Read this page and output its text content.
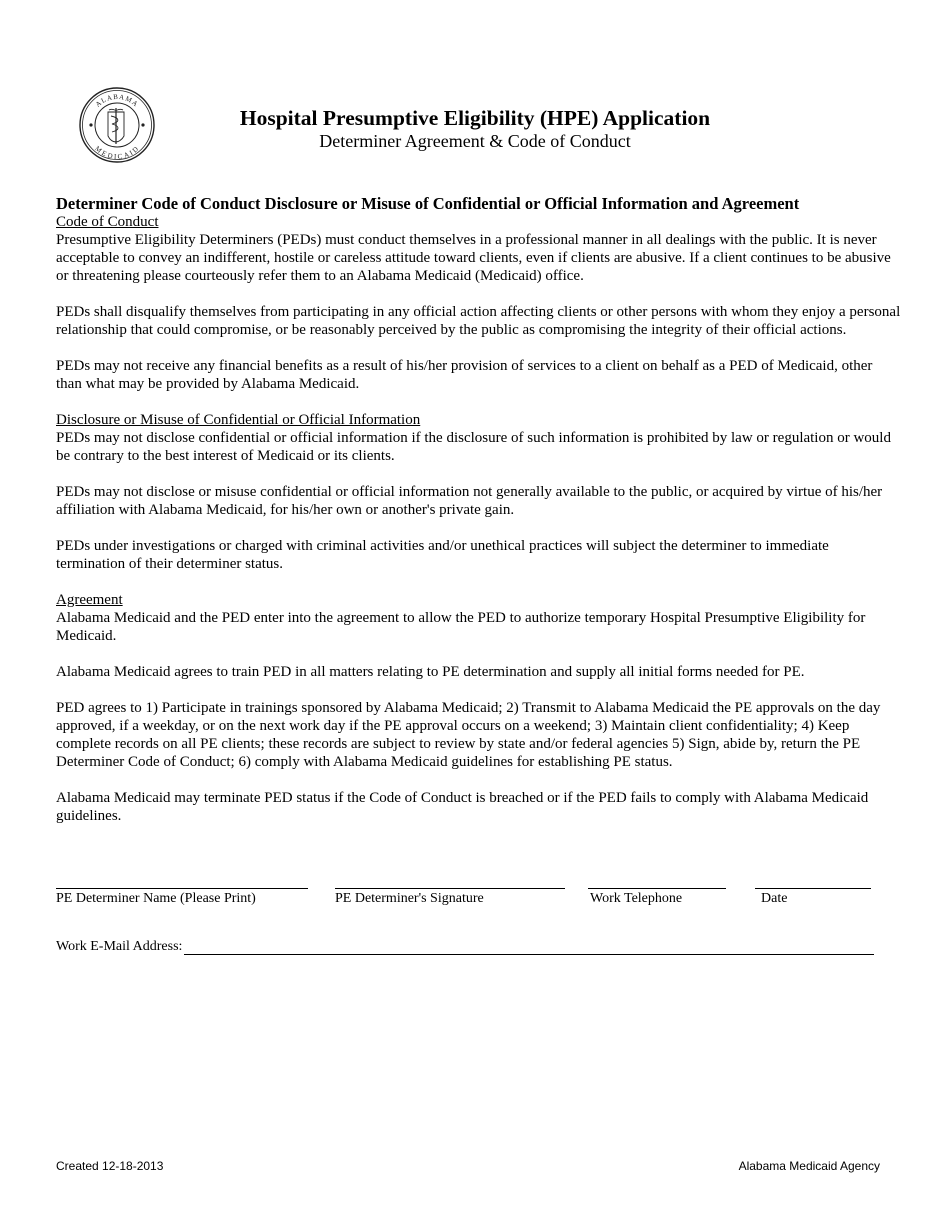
ALABAMA
MEDICAID
Hospital Presumptive Eligibility (HPE) Application
Determiner Agreement & Code of Conduct
Determiner Code of Conduct Disclosure or Misuse of Confidential or Official Information and Agreement
Code of Conduct

Presumptive Eligibility Determiners (PEDs) must conduct themselves in a professional manner in all dealings with the public. It is never acceptable to convey an indifferent, hostile or careless attitude toward clients, even if clients are abusive. If a client continues to be abusive or threatening please courteously refer them to an Alabama Medicaid (Medicaid) office.

PEDs shall disqualify themselves from participating in any official action affecting clients or other persons with whom they enjoy a personal relationship that could compromise, or be reasonably perceived by the public as compromising the integrity of their official actions.

PEDs may not receive any financial benefits as a result of his/her provision of services to a client on behalf as a PED of Medicaid, other than what may be provided by Alabama Medicaid.

Disclosure or Misuse of Confidential or Official Information

PEDs may not disclose confidential or official information if the disclosure of such information is prohibited by law or regulation or would be contrary to the best interest of Medicaid or its clients.

PEDs may not disclose or misuse confidential or official information not generally available to the public, or acquired by virtue of his/her affiliation with Alabama Medicaid, for his/her own or another's private gain.

PEDs under investigations or charged with criminal activities and/or unethical practices will subject the determiner to immediate termination of their determiner status.

Agreement

Alabama Medicaid and the PED enter into the agreement to allow the PED to authorize temporary Hospital Presumptive Eligibility for Medicaid.

Alabama Medicaid agrees to train PED in all matters relating to PE determination and supply all initial forms needed for PE.

PED agrees to 1) Participate in trainings sponsored by Alabama Medicaid; 2) Transmit to Alabama Medicaid the PE approvals on the day approved, if a weekday, or on the next work day if the PE approval occurs on a weekend; 3) Maintain client confidentiality; 4) Keep complete records on all PE clients; these records are subject to review by state and/or federal agencies 5) Sign, abide by, return the PE Determiner Code of Conduct; 6) comply with Alabama Medicaid guidelines for establishing PE status.

Alabama Medicaid may terminate PED status if the Code of Conduct is breached or if the PED fails to comply with Alabama Medicaid guidelines.

PE Determiner Name (Please Print)	PE Determiner's Signature	Work Telephone	Date
Work E-Mail Address:
Created 12-18-2013	Alabama Medicaid Agency
